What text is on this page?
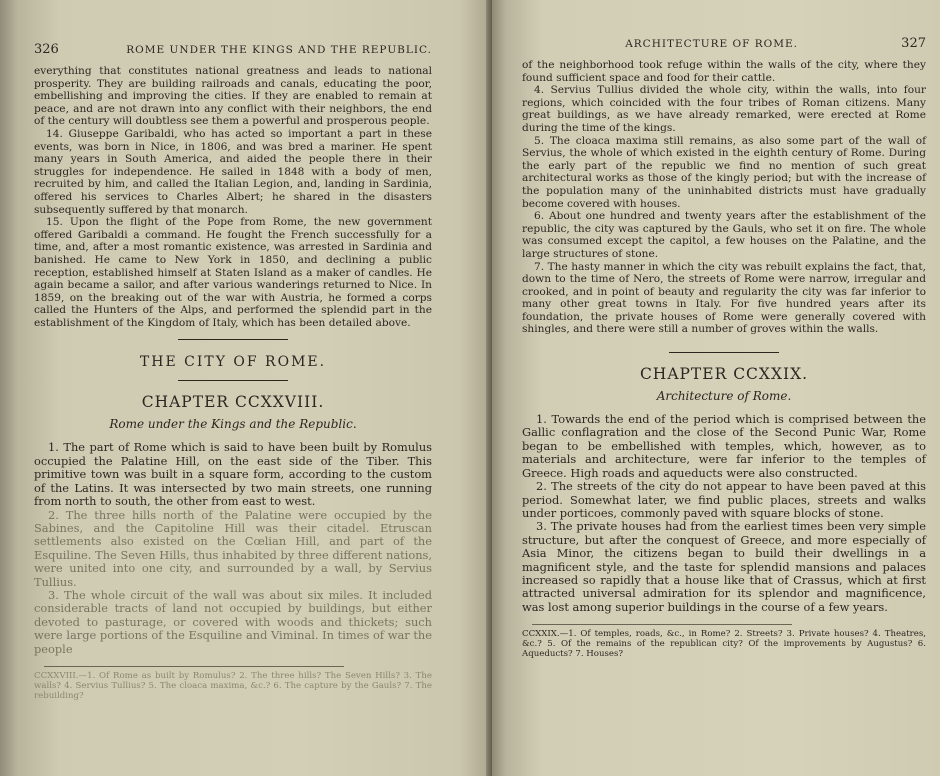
326	ROME UNDER THE KINGS AND THE REPUBLIC.

everything that constitutes national greatness and leads to national prosperity. They are building railroads and canals, educating the poor, embellishing and improving the cities. If they are enabled to remain at peace, and are not drawn into any conflict with their neighbors, the end of the century will doubtless see them a powerful and prosperous people.

14. Giuseppe Garibaldi, who has acted so important a part in these events, was born in Nice, in 1806, and was bred a mariner. He spent many years in South America, and aided the people there in their struggles for independence. He sailed in 1848 with a body of men, recruited by him, and called the Italian Legion, and, landing in Sardinia, offered his services to Charles Albert; he shared in the disasters subsequently suffered by that monarch.

15. Upon the flight of the Pope from Rome, the new government offered Garibaldi a command. He fought the French successfully for a time, and, after a most romantic existence, was arrested in Sardinia and banished. He came to New York in 1850, and declining a public reception, established himself at Staten Island as a maker of candles. He again became a sailor, and after various wanderings returned to Nice. In 1859, on the breaking out of the war with Austria, he formed a corps called the Hunters of the Alps, and performed the splendid part in the establishment of the Kingdom of Italy, which has been detailed above.

THE CITY OF ROME.
CHAPTER CCXXVIII.
Rome under the Kings and the Republic.

1. The part of Rome which is said to have been built by Romulus occupied the Palatine Hill, on the east side of the Tiber. This primitive town was built in a square form, according to the custom of the Latins. It was intersected by two main streets, one running from north to south, the other from east to west.

2. The three hills north of the Palatine were occupied by the Sabines, and the Capitoline Hill was their citadel. Etruscan settlements also existed on the Cœlian Hill, and part of the Esquiline. The Seven Hills, thus inhabited by three different nations, were united into one city, and surrounded by a wall, by Servius Tullius.

3. The whole circuit of the wall was about six miles. It included considerable tracts of land not occupied by buildings, but either devoted to pasturage, or covered with woods and thickets; such were large portions of the Esquiline and Viminal. In times of war the people

CCXXVIII.—1. Of Rome as built by Romulus? 2. The three hills? The Seven Hills? 3. The walls? 4. Servius Tullius? 5. The cloaca maxima, &c.? 6. The capture by the Gauls? 7. The rebuilding?

ARCHITECTURE OF ROME.	327

of the neighborhood took refuge within the walls of the city, where they found sufficient space and food for their cattle.

4. Servius Tullius divided the whole city, within the walls, into four regions, which coincided with the four tribes of Roman citizens. Many great buildings, as we have already remarked, were erected at Rome during the time of the kings.

5. The cloaca maxima still remains, as also some part of the wall of Servius, the whole of which existed in the eighth century of Rome. During the early part of the republic we find no mention of such great architectural works as those of the kingly period; but with the increase of the population many of the uninhabited districts must have gradually become covered with houses.

6. About one hundred and twenty years after the establishment of the republic, the city was captured by the Gauls, who set it on fire. The whole was consumed except the capitol, a few houses on the Palatine, and the large structures of stone.

7. The hasty manner in which the city was rebuilt explains the fact, that, down to the time of Nero, the streets of Rome were narrow, irregular and crooked, and in point of beauty and regularity the city was far inferior to many other great towns in Italy. For five hundred years after its foundation, the private houses of Rome were generally covered with shingles, and there were still a number of groves within the walls.

CHAPTER CCXXIX.
Architecture of Rome.

1. Towards the end of the period which is comprised between the Gallic conflagration and the close of the Second Punic War, Rome began to be embellished with temples, which, however, as to materials and architecture, were far inferior to the temples of Greece. High roads and aqueducts were also constructed.

2. The streets of the city do not appear to have been paved at this period. Somewhat later, we find public places, streets and walks under porticoes, commonly paved with square blocks of stone.

3. The private houses had from the earliest times been very simple structure, but after the conquest of Greece, and more especially of Asia Minor, the citizens began to build their dwellings in a magnificent style, and the taste for splendid mansions and palaces increased so rapidly that a house like that of Crassus, which at first attracted universal admiration for its splendor and magnificence, was lost among superior buildings in the course of a few years.

CCXXIX.—1. Of temples, roads, &c., in Rome? 2. Streets? 3. Private houses? 4. Theatres, &c.? 5. Of the remains of the republican city? Of the improvements by Augustus? 6. Aqueducts? 7. Houses?
